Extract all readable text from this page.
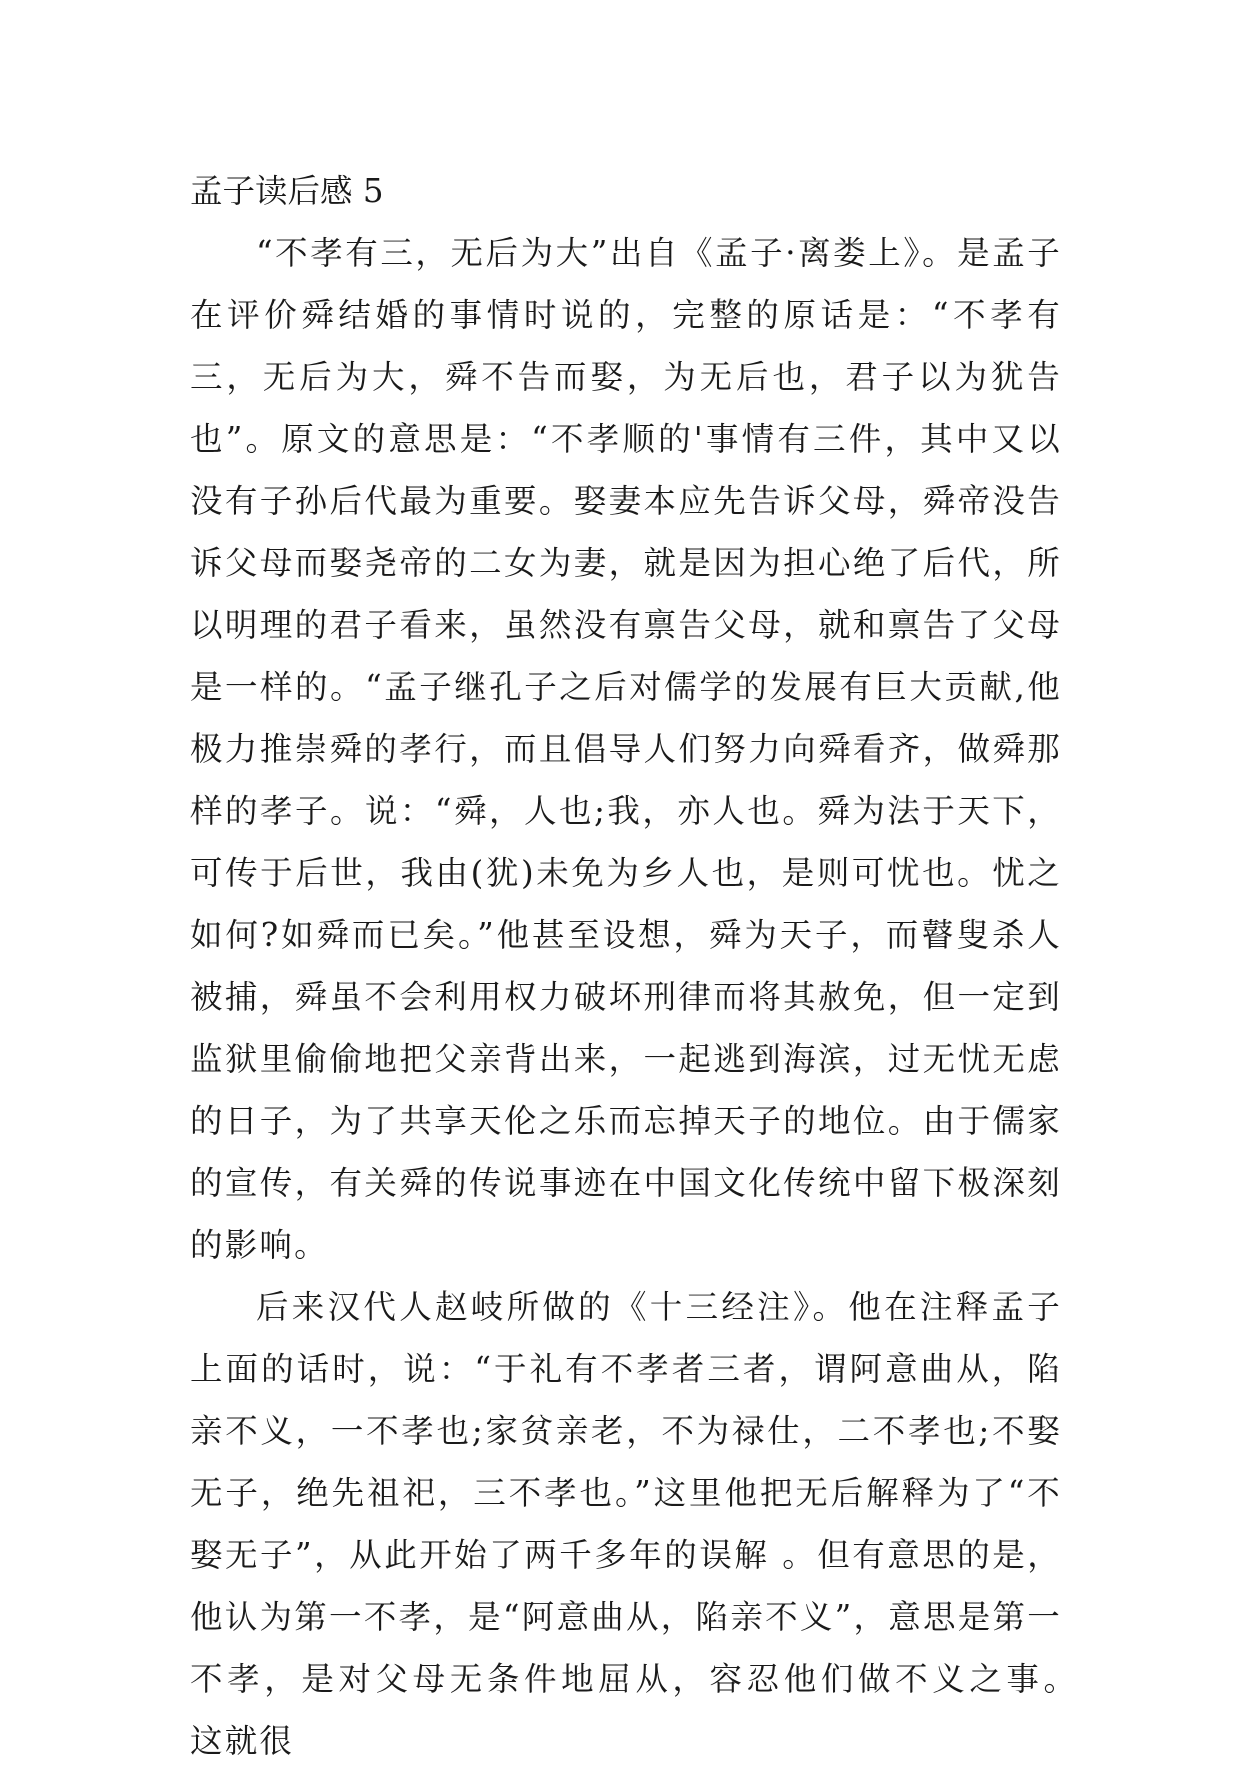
孟子读后感 5

“不孝有三，无后为大”出自《孟子·离娄上》。是孟子在评价舜结婚的事情时说的，完整的原话是：“不孝有三，无后为大，舜不告而娶，为无后也，君子以为犹告也”。原文的意思是：“不孝顺的'事情有三件，其中又以没有子孙后代最为重要。娶妻本应先告诉父母，舜帝没告诉父母而娶尧帝的二女为妻，就是因为担心绝了后代，所以明理的君子看来，虽然没有禀告父母，就和禀告了父母是一样的。“孟子继孔子之后对儒学的发展有巨大贡献,他极力推崇舜的孝行，而且倡导人们努力向舜看齐，做舜那样的孝子。说：“舜，人也;我，亦人也。舜为法于天下，可传于后世，我由(犹)未免为乡人也，是则可忧也。忧之如何?如舜而已矣。”他甚至设想，舜为天子，而瞽叟杀人被捕，舜虽不会利用权力破坏刑律而将其赦免，但一定到监狱里偷偷地把父亲背出来，一起逃到海滨，过无忧无虑的日子，为了共享天伦之乐而忘掉天子的地位。由于儒家的宣传，有关舜的传说事迹在中国文化传统中留下极深刻的影响。

后来汉代人赵岐所做的《十三经注》。他在注释孟子上面的话时，说：“于礼有不孝者三者，谓阿意曲从，陷亲不义，一不孝也;家贫亲老，不为禄仕，二不孝也;不娶无子，绝先祖祀，三不孝也。”这里他把无后解释为了“不娶无子”，从此开始了两千多年的误解 。但有意思的是，他认为第一不孝，是“阿意曲从，陷亲不义”，意思是第一不孝，是对父母无条件地屈从，容忍他们做不义之事。　　这就很
